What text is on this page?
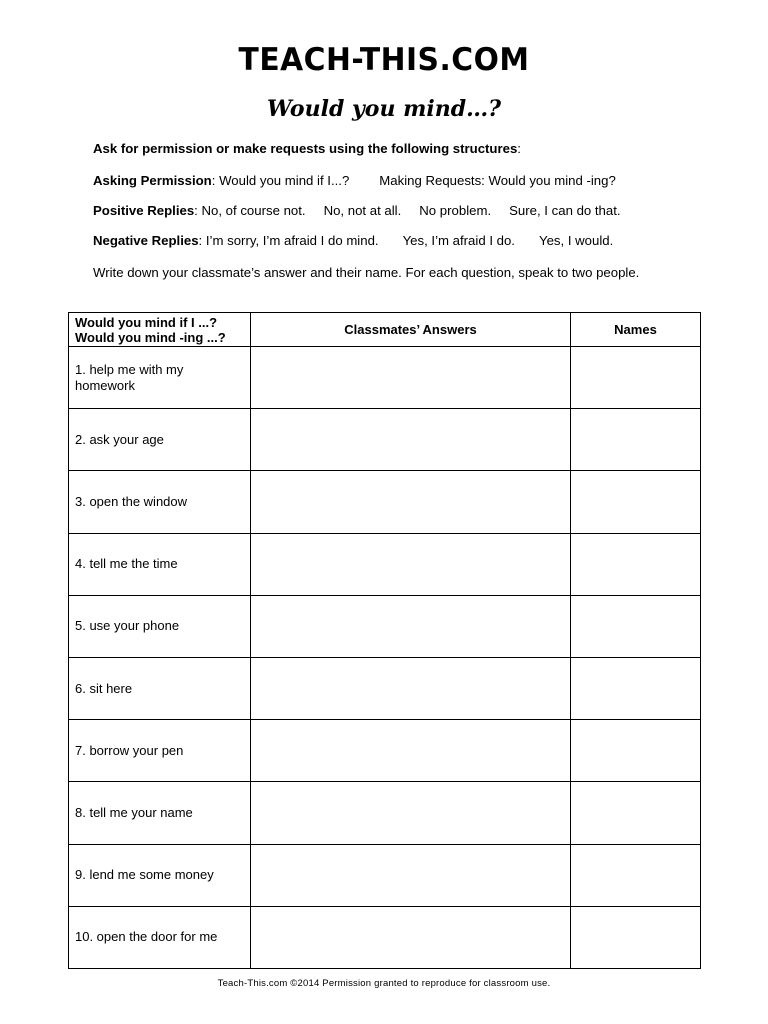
TEACH-THIS.COM
Would you mind…?

Ask for permission or make requests using the following structures:

Asking Permission: Would you mind if I...? Making Requests: Would you mind -ing?

Positive Replies: No, of course not. No, not at all. No problem. Sure, I can do that.

Negative Replies: I’m sorry, I’m afraid I do mind. Yes, I’m afraid I do. Yes, I would.

Write down your classmate’s answer and their name. For each question, speak to two people.

Would you mind if I ...?
Would you mind -ing ...?	Classmates’ Answers	Names
1. help me with my homework		
2. ask your age		
3. open the window		
4. tell me the time		
5. use your phone		
6. sit here		
7. borrow your pen		
8. tell me your name		
9. lend me some money		
10. open the door for me		
Teach-This.com ©2014 Permission granted to reproduce for classroom use.
